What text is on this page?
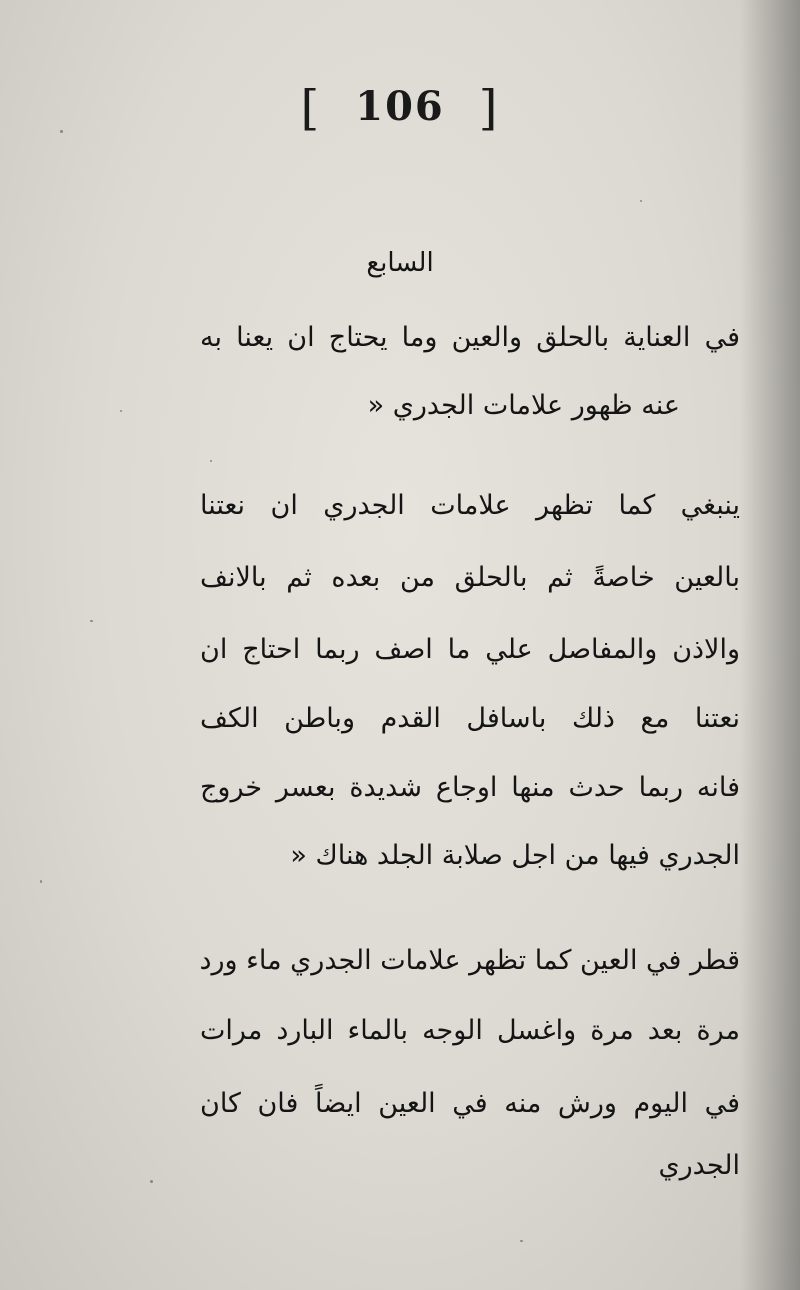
[ 106 ]
السابع
في العناية بالحلق والعين وما يحتاج ان يعنا به
عنه ظهور علامات الجدري «
ينبغي كما تظهر علامات الجدري ان نعتنا
بالعين خاصةً ثم بالحلق من بعده ثم بالانف
والاذن والمفاصل علي ما اصف ربما احتاج ان
نعتنا مع ذلك باسافل القدم وباطن الكف
فانه ربما حدث منها اوجاع شديدة بعسر خروج
الجدري فيها من اجل صلابة الجلد هناك «
قطر في العين كما تظهر علامات الجدري ماء ورد
مرة بعد مرة واغسل الوجه بالماء البارد مرات
في اليوم ورش منه في العين ايضاً فان كان
الجدري
